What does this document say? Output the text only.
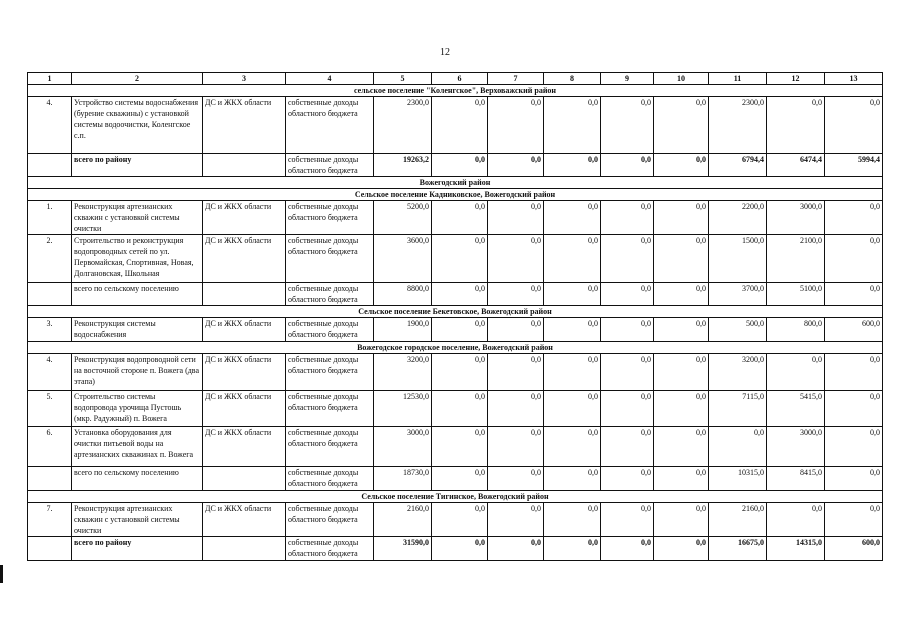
12
1	2	3	4	5	6	7	8	9	10	11	12	13
сельское поселение "Коленгское", Верховажский район												
4.	Устройство системы водоснабжения (бурение скважины) с установкой системы водоочистки, Коленгское с.п.	ДС и ЖКХ области	собственные доходы областного бюджета	2300,0	0,0	0,0	0,0	0,0	0,0	2300,0	0,0	0,0
	всего по району		собственные доходы областного бюджета	19263,2	0,0	0,0	0,0	0,0	0,0	6794,4	6474,4	5994,4
Вожегодский район												
Сельское поселение Кадниковское, Вожегодский район												
1.	Реконструкция артезианских скважин с установкой системы очистки	ДС и ЖКХ области	собственные доходы областного бюджета	5200,0	0,0	0,0	0,0	0,0	0,0	2200,0	3000,0	0,0
2.	Строительство и реконструкция водопроводных сетей по ул. Первомайская, Спортивная, Новая, Долгановская, Школьная	ДС и ЖКХ области	собственные доходы областного бюджета	3600,0	0,0	0,0	0,0	0,0	0,0	1500,0	2100,0	0,0
	всего по сельскому поселению		собственные доходы областного бюджета	8800,0	0,0	0,0	0,0	0,0	0,0	3700,0	5100,0	0,0
Сельское поселение Бекетовское, Вожегодский район												
3.	Реконструкция системы водоснабжения	ДС и ЖКХ области	собственные доходы областного бюджета	1900,0	0,0	0,0	0,0	0,0	0,0	500,0	800,0	600,0
Вожегодское городское поселение, Вожегодский район												
4.	Реконструкция водопроводной сети на восточной стороне п. Вожега (два этапа)	ДС и ЖКХ области	собственные доходы областного бюджета	3200,0	0,0	0,0	0,0	0,0	0,0	3200,0	0,0	0,0
5.	Строительство системы водопровода урочища Пустошь (мкр. Радужный) п. Вожега	ДС и ЖКХ области	собственные доходы областного бюджета	12530,0	0,0	0,0	0,0	0,0	0,0	7115,0	5415,0	0,0
6.	Установка оборудования для очистки питьевой воды на артезианских скважинах п. Вожега	ДС и ЖКХ области	собственные доходы областного бюджета	3000,0	0,0	0,0	0,0	0,0	0,0	0,0	3000,0	0,0
	всего по сельскому поселению		собственные доходы областного бюджета	18730,0	0,0	0,0	0,0	0,0	0,0	10315,0	8415,0	0,0
Сельское поселение Тигинское, Вожегодский район												
7.	Реконструкция артезианских скважин с установкой системы очистки	ДС и ЖКХ области	собственные доходы областного бюджета	2160,0	0,0	0,0	0,0	0,0	0,0	2160,0	0,0	0,0
	всего по району		собственные доходы областного бюджета	31590,0	0,0	0,0	0,0	0,0	0,0	16675,0	14315,0	600,0
